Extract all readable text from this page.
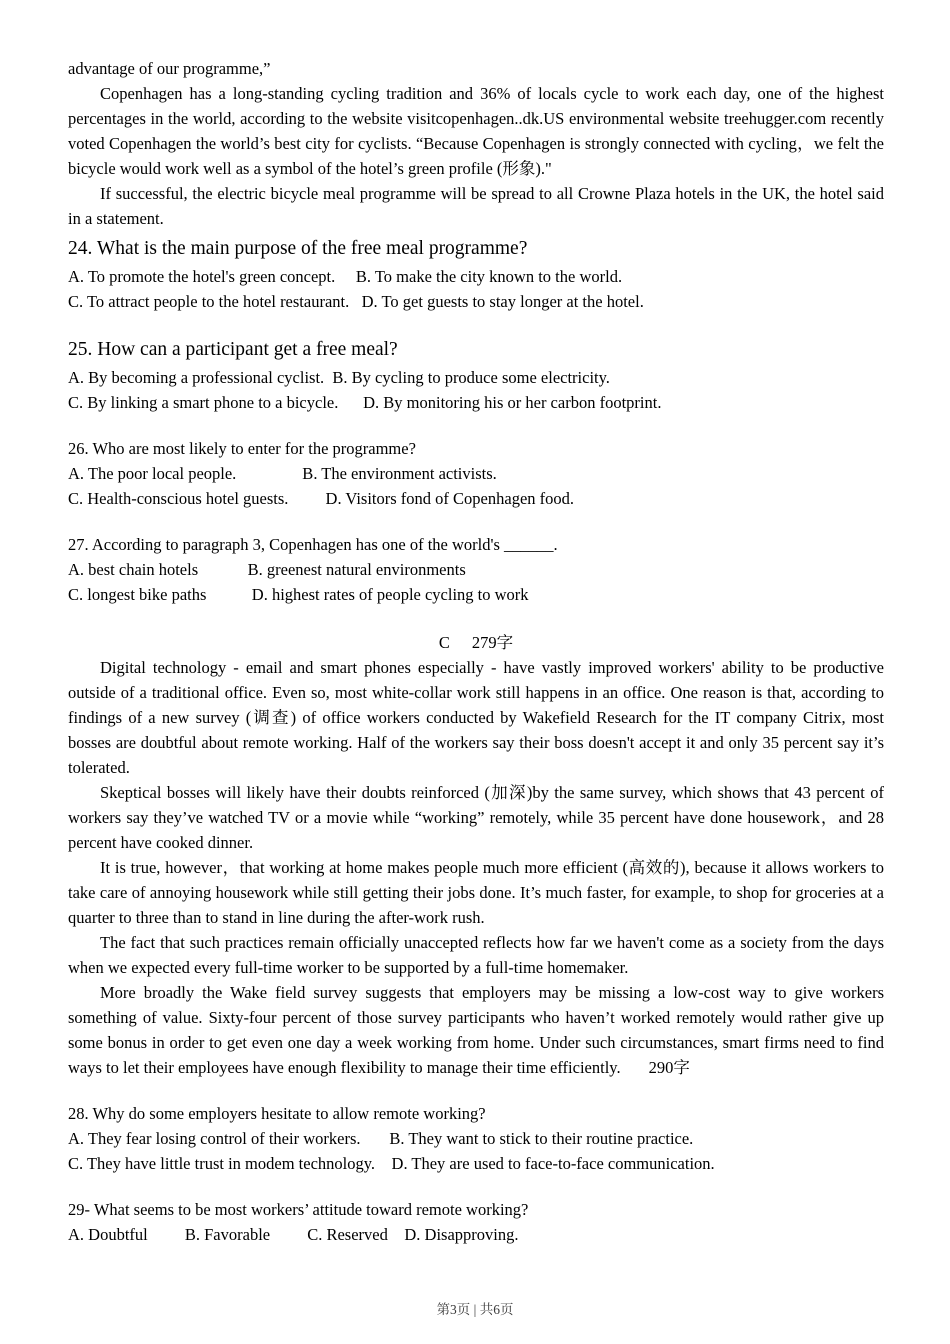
advantage of our programme,”

Copenhagen has a long-standing cycling tradition and 36% of locals cycle to work each day, one of the highest percentages in the world, according to the website visitcopenhagen..dk.US environmental website treehugger.com recently voted Copenhagen the world’s best city for cyclists. “Because Copenhagen is strongly connected with cycling，we felt the bicycle would work well as a symbol of the hotel’s green profile (形象)."

If successful, the electric bicycle meal programme will be spread to all Crowne Plaza hotels in the UK, the hotel said in a statement.

24. What is the main purpose of the free meal programme?

A. To promote the hotel's green concept.     B. To make the city known to the world.

C. To attract people to the hotel restaurant.   D. To get guests to stay longer at the hotel.

25. How can a participant get a free meal?

A. By becoming a professional cyclist.  B. By cycling to produce some electricity.

C. By linking a smart phone to a bicycle.      D. By monitoring his or her carbon footprint.

26. Who are most likely to enter for the programme?

A. The poor local people.                B. The environment activists.

C. Health-conscious hotel guests.         D. Visitors fond of Copenhagen food.

27. According to paragraph 3, Copenhagen has one of the world's ______.

A. best chain hotels            B. greenest natural environments

C. longest bike paths           D. highest rates of people cycling to work

C 279字

Digital technology - email and smart phones especially - have vastly improved workers' ability to be productive outside of a traditional office. Even so, most white-collar work still happens in an office. One reason is that, according to findings of a new survey (调查) of office workers conducted by Wakefield Research for the IT company Citrix, most bosses are doubtful about remote working. Half of the workers say their boss doesn't accept it and only 35 percent say it’s tolerated.

Skeptical bosses will likely have their doubts reinforced (加深)by the same survey, which shows that 43 percent of workers say they’ve watched TV or a movie while “working” remotely, while 35 percent have done housework，and 28 percent have cooked dinner.

It is true, however，that working at home makes people much more efficient (高效的), because it allows workers to take care of annoying housework while still getting their jobs done. It’s much faster, for example, to shop for groceries at a quarter to three than to stand in line during the after-work rush.

The fact that such practices remain officially unaccepted reflects how far we haven't come as a society from the days when we expected every full-time worker to be supported by a full-time homemaker.

More broadly the Wake field survey suggests that employers may be missing a low-cost way to give workers something of value. Sixty-four percent of those survey participants who haven’t worked remotely would rather give up some bonus in order to get even one day a week working from home. Under such circumstances, smart firms need to find ways to let their employees have enough flexibility to manage their time efficiently. 290字

28. Why do some employers hesitate to allow remote working?

A. They fear losing control of their workers.       B. They want to stick to their routine practice.

C. They have little trust in modem technology.    D. They are used to face-to-face communication.

29- What seems to be most workers’ attitude toward remote working?

A. Doubtful         B. Favorable         C. Reserved    D. Disapproving.

第3页 | 共6页
